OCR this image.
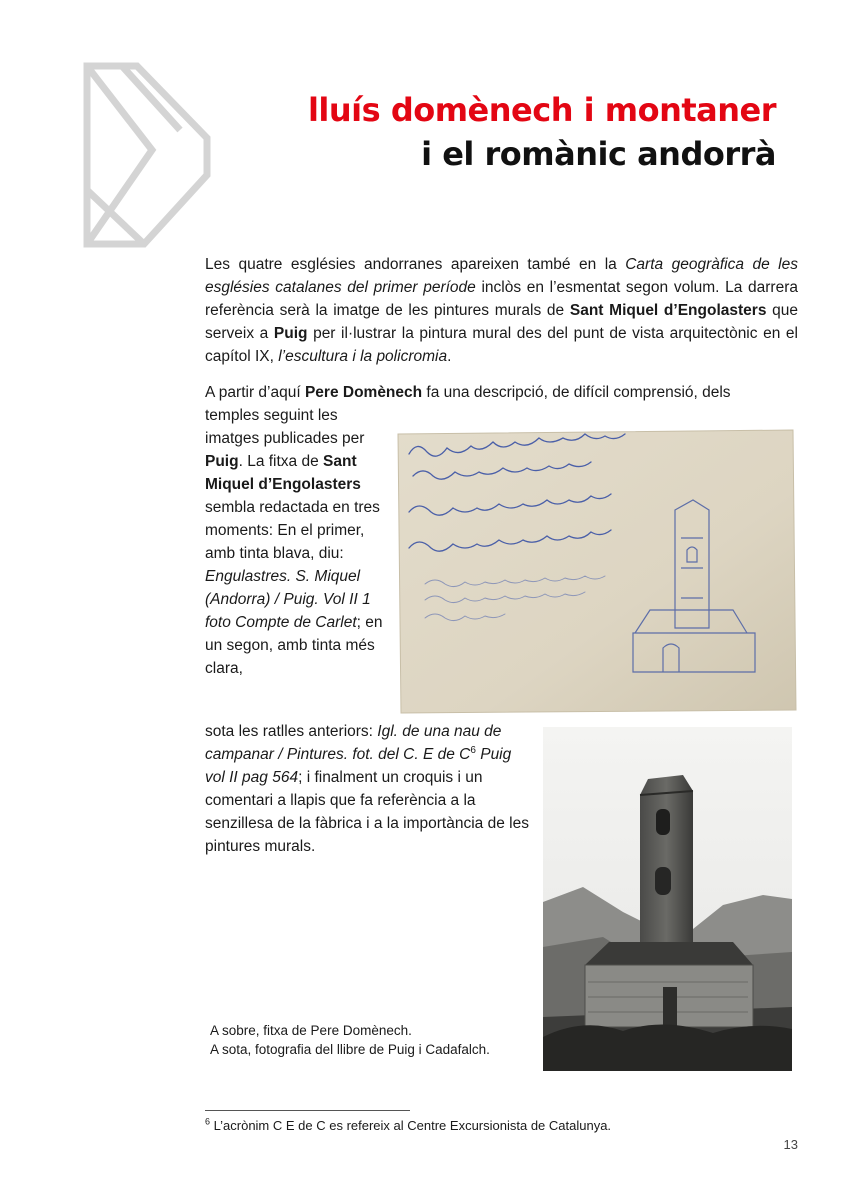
lluís domènech i montaner
i el romànic andorrà
Les quatre esglésies andorranes apareixen també en la Carta geogràfica de les esglésies catalanes del primer període inclòs en l’esmentat segon volum. La darrera referència serà la imatge de les pintures murals de Sant Miquel d’Engolasters que serveix a Puig per il·lustrar la pintura mural des del punt de vista arquitectònic en el capítol IX, l’escultura i la policromia.
A partir d’aquí Pere Domènech fa una descripció, de difícil comprensió, dels
temples seguint les imatges publicades per Puig. La fitxa de Sant Miquel d’Engolasters sembla redactada en tres moments: En el primer, amb tinta blava, diu: Engulastres. S. Miquel (Andorra) / Puig. Vol II 1 foto Compte de Carlet; en un segon, amb tinta més clara,
sota les ratlles anteriors: Igl. de una nau de campanar / Pintures. fot. del C. E de $C^6$ Puig vol II pag 564; i finalment un croquis i un comentari a llapis que fa referència a la senzillesa de la fàbrica i a la importància de les pintures murals.
A sobre, fitxa de Pere Domènech.
A sota, fotografia del llibre de Puig i Cadafalch.
$^6$ L’acrònim C E de C es refereix al Centre Excursionista de Catalunya.
13
